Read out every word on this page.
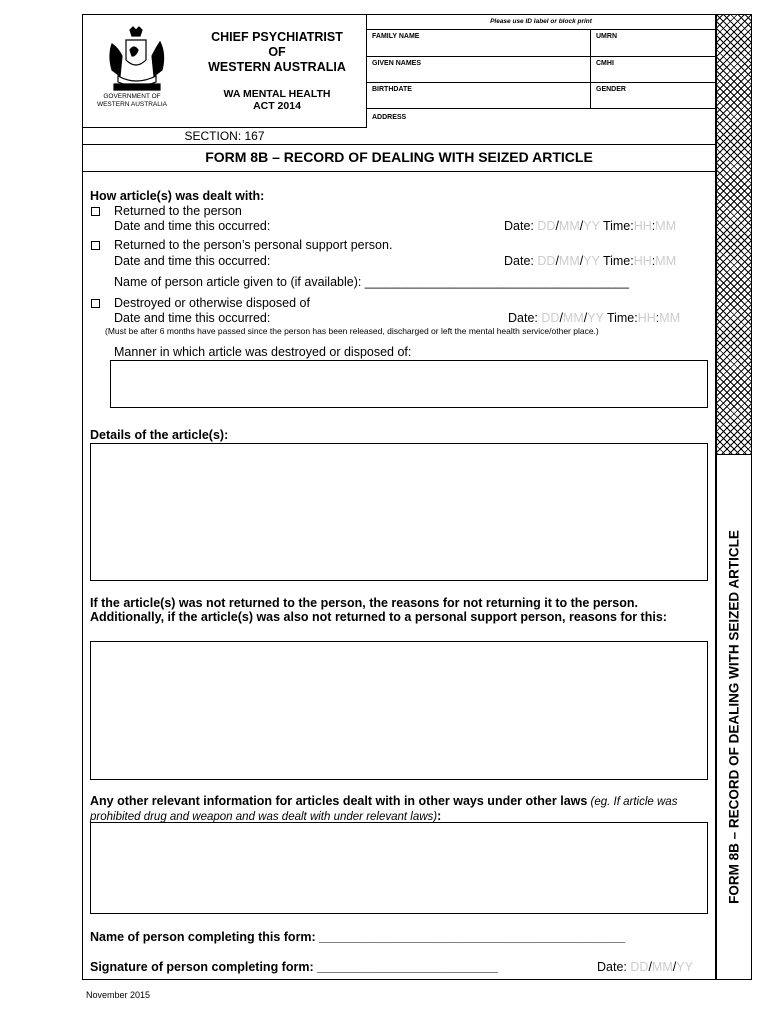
FORM 8B – RECORD OF DEALING WITH SEIZED ARTICLE
Please use ID label or block print
FAMILY NAME	UMRN
GIVEN NAMES	CMHI
BIRTHDATE	GENDER
ADDRESS
GOVERNMENT OF
WESTERN AUSTRALIA
CHIEF PSYCHIATRIST
OF
WESTERN AUSTRALIA
WA MENTAL HEALTH
ACT 2014
SECTION: 167
FORM 8B – RECORD OF DEALING WITH SEIZED ARTICLE
How article(s) was dealt with:
Returned to the person
Date and time this occurred:	Date: DD/MM/YY Time:HH:MM
Returned to the person’s personal support person.
Date and time this occurred:	Date: DD/MM/YY Time:HH:MM
Name of person article given to (if available): ______________________________________
Destroyed or otherwise disposed of
Date and time this occurred:	Date: DD/MM/YY Time:HH:MM
(Must be after 6 months have passed since the person has been released, discharged or left the mental health service/other place.)
Manner in which article was destroyed or disposed of:
Details of the article(s):
If the article(s) was not returned to the person, the reasons for not returning it to the person. Additionally, if the article(s) was also not returned to a personal support person, reasons for this:
Any other relevant information for articles dealt with in other ways under other laws (eg. If article was prohibited drug and weapon and was dealt with under relevant laws):
Name of person completing this form: ____________________________________________
Signature of person completing form: __________________________	Date: DD/MM/YY
November 2015
